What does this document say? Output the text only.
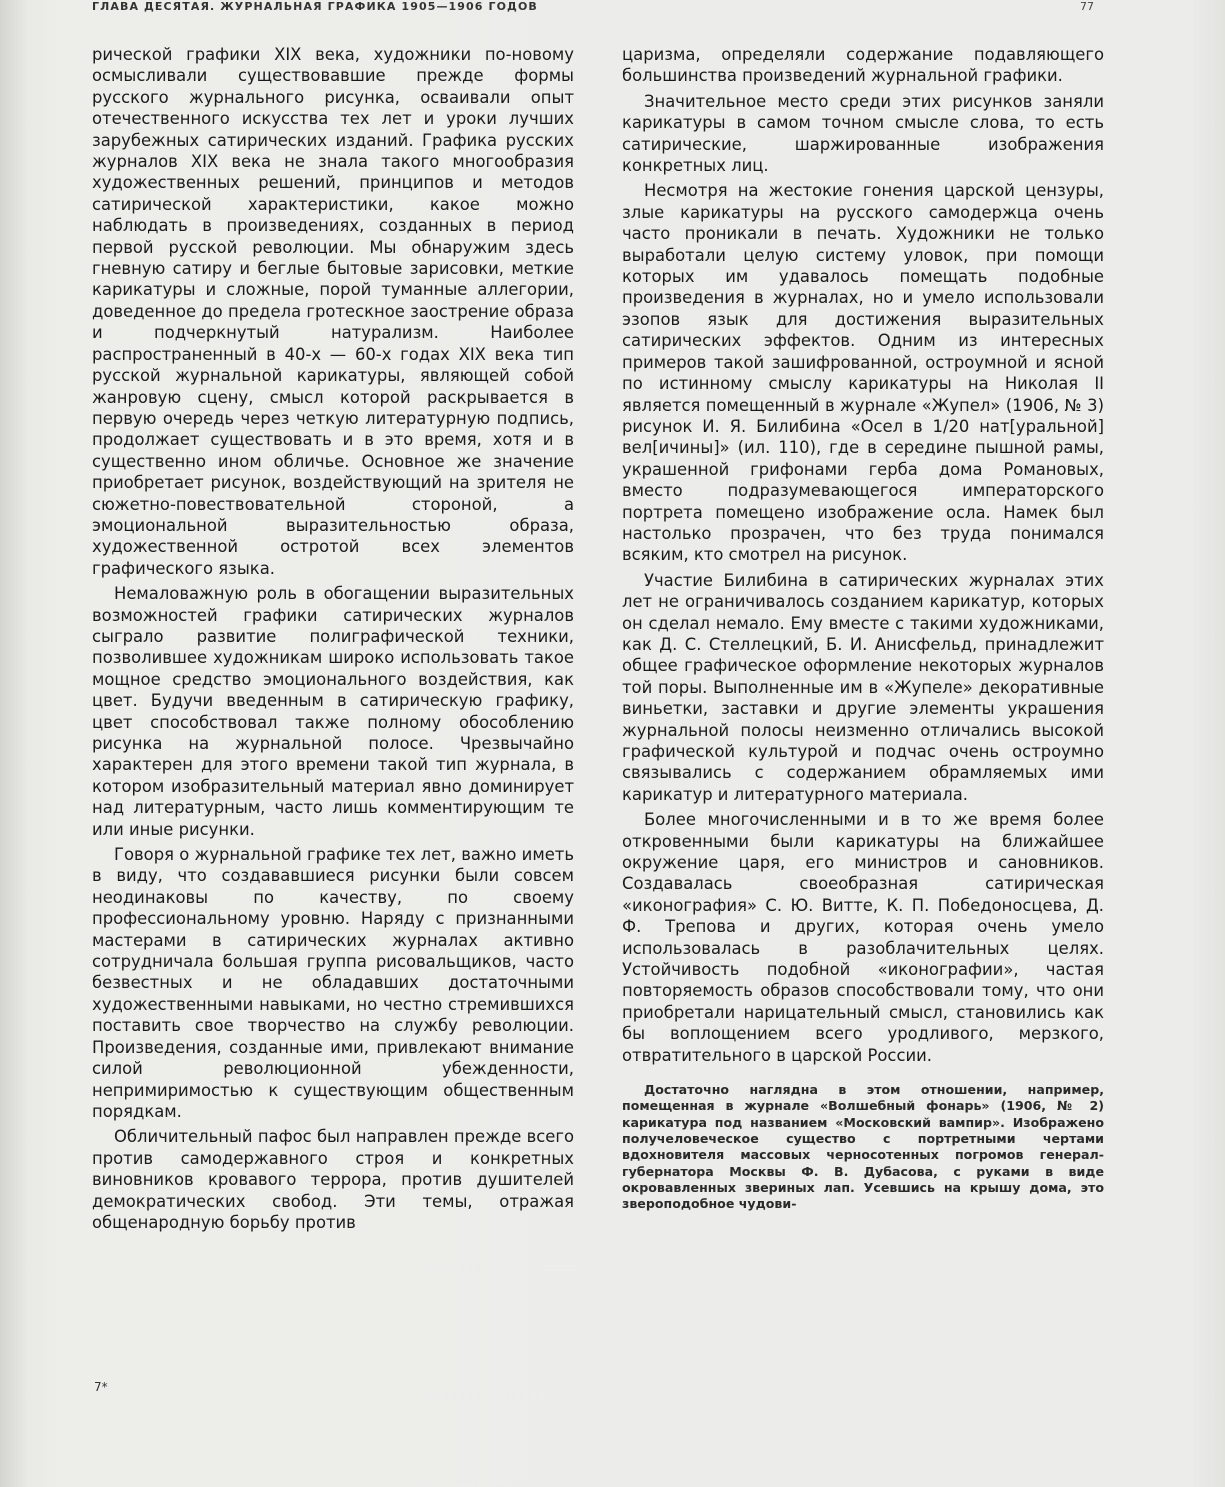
ГЛАВА ДЕСЯТАЯ. ЖУРНАЛЬНАЯ ГРАФИКА 1905—1906 ГОДОВ	77

рической графики XIX века, художники по-новому осмысливали существовавшие прежде формы русского журнального рисунка, осваивали опыт отечественного искусства тех лет и уроки лучших зарубежных сатирических изданий. Графика русских журналов XIX века не знала такого многообразия художественных решений, принципов и методов сатирической характеристики, какое можно наблюдать в произведениях, созданных в период первой русской революции. Мы обнаружим здесь гневную сатиру и беглые бытовые зарисовки, меткие карикатуры и сложные, порой туманные аллегории, доведенное до предела гротескное заострение образа и подчеркнутый натурализм. Наиболее распространенный в 40-х — 60-х годах XIX века тип русской журнальной карикатуры, являющей собой жанровую сцену, смысл которой раскрывается в первую очередь через четкую литературную подпись, продолжает существовать и в это время, хотя и в существенно ином обличье. Основное же значение приобретает рисунок, воздействующий на зрителя не сюжетно-повествовательной стороной, а эмоциональной выразительностью образа, художественной остротой всех элементов графического языка.

Немаловажную роль в обогащении выразительных возможностей графики сатирических журналов сыграло развитие полиграфической техники, позволившее художникам широко использовать такое мощное средство эмоционального воздействия, как цвет. Будучи введенным в сатирическую графику, цвет способствовал также полному обособлению рисунка на журнальной полосе. Чрезвычайно характерен для этого времени такой тип журнала, в котором изобразительный материал явно доминирует над литературным, часто лишь комментирующим те или иные рисунки.

Говоря о журнальной графике тех лет, важно иметь в виду, что создававшиеся рисунки были совсем неодинаковы по качеству, по своему профессиональному уровню. Наряду с признанными мастерами в сатирических журналах активно сотрудничала большая группа рисовальщиков, часто безвестных и не обладавших достаточными художественными навыками, но честно стремившихся поставить свое творчество на службу революции. Произведения, созданные ими, привлекают внимание силой революционной убежденности, непримиримостью к существующим общественным порядкам.

Обличительный пафос был направлен прежде всего против самодержавного строя и конкретных виновников кровавого террора, против душителей демократических свобод. Эти темы, отражая общенародную борьбу против

царизма, определяли содержание подавляющего большинства произведений журнальной графики.

Значительное место среди этих рисунков заняли карикатуры в самом точном смысле слова, то есть сатирические, шаржированные изображения конкретных лиц.

Несмотря на жестокие гонения царской цензуры, злые карикатуры на русского самодержца очень часто проникали в печать. Художники не только выработали целую систему уловок, при помощи которых им удавалось помещать подобные произведения в журналах, но и умело использовали эзопов язык для достижения выразительных сатирических эффектов. Одним из интересных примеров такой зашифрованной, остроумной и ясной по истинному смыслу карикатуры на Николая II является помещенный в журнале «Жупел» (1906, № 3) рисунок И. Я. Билибина «Осел в 1/20 нат[уральной] вел[ичины]» (ил. 110), где в середине пышной рамы, украшенной грифонами герба дома Романовых, вместо подразумевающегося императорского портрета помещено изображение осла. Намек был настолько прозрачен, что без труда понимался всяким, кто смотрел на рисунок.

Участие Билибина в сатирических журналах этих лет не ограничивалось созданием карикатур, которых он сделал немало. Ему вместе с такими художниками, как Д. С. Стеллецкий, Б. И. Анисфельд, принадлежит общее графическое оформление некоторых журналов той поры. Выполненные им в «Жупеле» декоративные виньетки, заставки и другие элементы украшения журнальной полосы неизменно отличались высокой графической культурой и подчас очень остроумно связывались с содержанием обрамляемых ими карикатур и литературного материала.

Более многочисленными и в то же время более откровенными были карикатуры на ближайшее окружение царя, его министров и сановников. Создавалась своеобразная сатирическая «иконография» С. Ю. Витте, К. П. Победоносцева, Д. Ф. Трепова и других, которая очень умело использовалась в разоблачительных целях. Устойчивость подобной «иконографии», частая повторяемость образов способствовали тому, что они приобретали нарицательный смысл, становились как бы воплощением всего уродливого, мерзкого, отвратительного в царской России.

Достаточно наглядна в этом отношении, например, помещенная в журнале «Волшебный фонарь» (1906, № 2) карикатура под названием «Московский вампир». Изображено получеловеческое существо с портретными чертами вдохновителя массовых черносотенных погромов генерал-губернатора Москвы Ф. В. Дубасова, с руками в виде окровавленных звериных лап. Усевшись на крышу дома, это звероподобное чудови-

7*
